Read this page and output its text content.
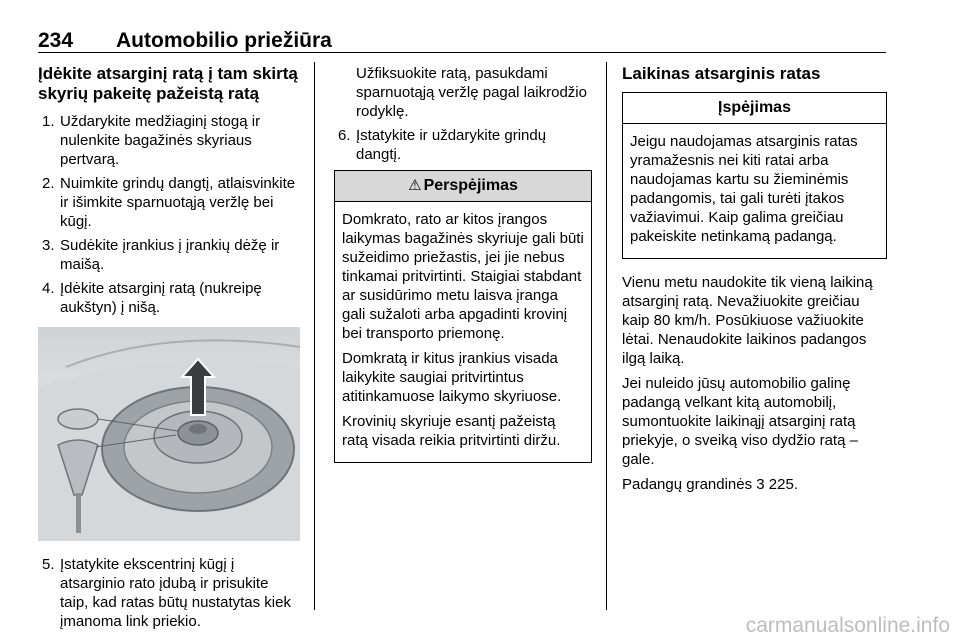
234 Automobilio priežiūra
Įdėkite atsarginį ratą į tam skirtą skyrių pakeitę pažeistą ratą
1. Uždarykite medžiaginį stogą ir nulenkite bagažinės skyriaus pertvarą.
2. Nuimkite grindų dangtį, atlaisvinkite ir išimkite sparnuotąją veržlę bei kūgį.
3. Sudėkite įrankius į įrankių dėžę ir maišą.
4. Įdėkite atsarginį ratą (nukreipę aukštyn) į nišą.
5. Įstatykite ekscentrinį kūgį į atsarginio rato įdubą ir prisukite taip, kad ratas būtų nustatytas kiek įmanoma link priekio.
Užfiksuokite ratą, pasukdami sparnuotąją veržlę pagal laikrodžio rodyklę.
6. Įstatykite ir uždarykite grindų dangtį.
⚠ Perspėjimas

Domkrato, rato ar kitos įrangos laikymas bagažinės skyriuje gali būti sužeidimo priežastis, jei jie nebus tinkamai pritvirtinti. Staigiai stabdant ar susidūrimo metu laisva įranga gali sužaloti arba apgadinti krovinį bei transporto priemonę.

Domkratą ir kitus įrankius visada laikykite saugiai pritvirtintus atitinkamuose laikymo skyriuose.

Krovinių skyriuje esantį pažeistą ratą visada reikia pritvirtinti diržu.

Laikinas atsarginis ratas
Įspėjimas

Jeigu naudojamas atsarginis ratas yramažesnis nei kiti ratai arba naudojamas kartu su žieminėmis padangomis, tai gali turėti įtakos važiavimui. Kaip galima greičiau pakeiskite netinkamą padangą.

Vienu metu naudokite tik vieną laikiną atsarginį ratą. Nevažiuokite greičiau kaip 80 km/h. Posūkiuose važiuokite lėtai. Nenaudokite laikinos padangos ilgą laiką.

Jei nuleido jūsų automobilio galinę padangą velkant kitą automobilį, sumontuokite laikinąjį atsarginį ratą priekyje, o sveiką viso dydžio ratą – gale.

Padangų grandinės 3 225.

carmanualsonline.info
